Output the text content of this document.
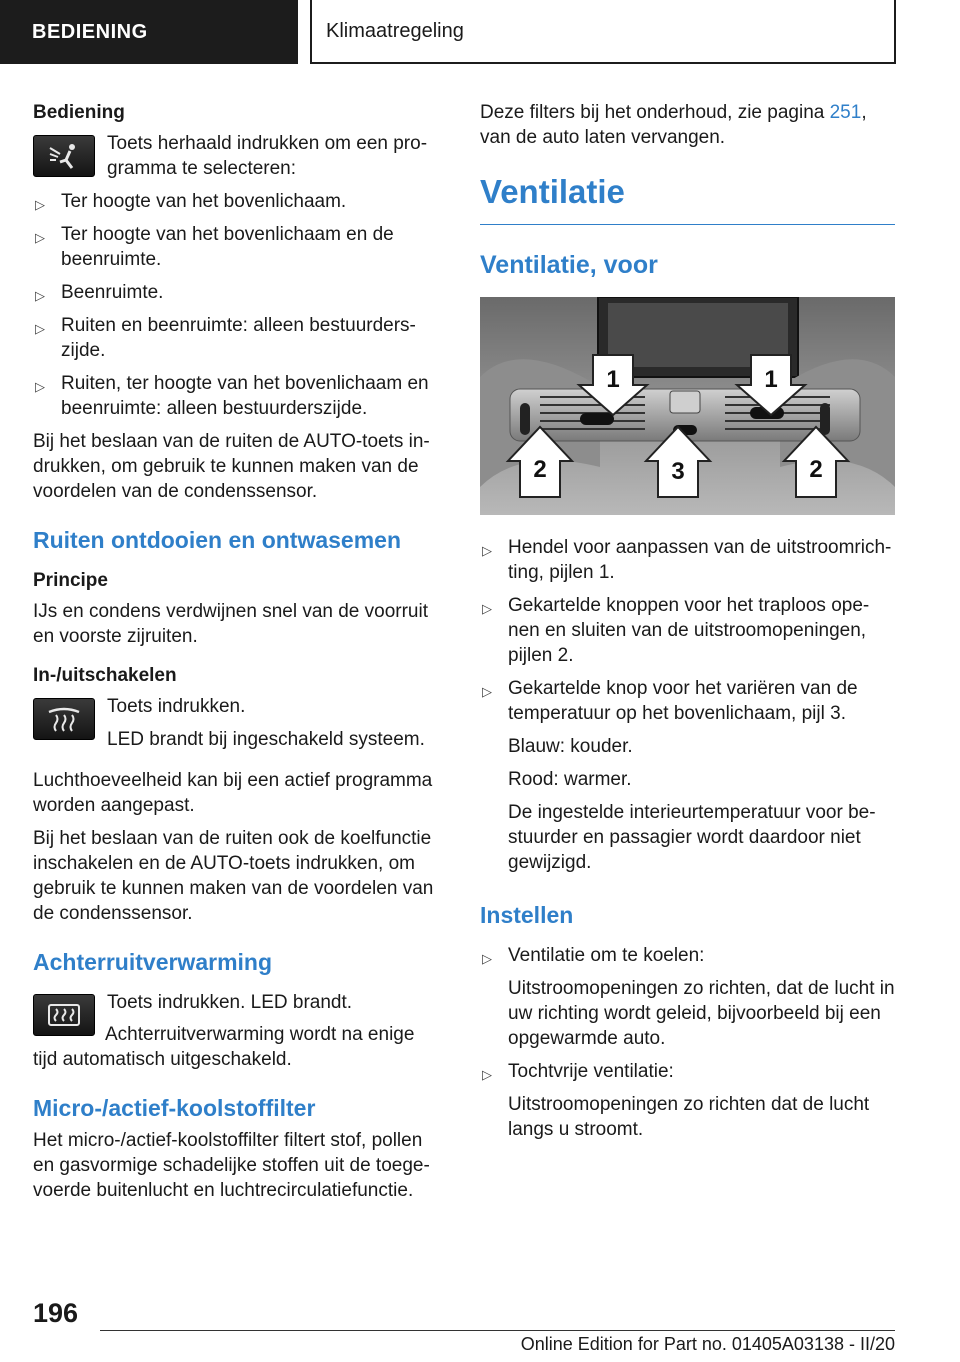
BEDIENING	Klimaatregeling
Bediening
Toets herhaald indrukken om een pro-gramma te selecteren:
▷ Ter hoogte van het bovenlichaam.
▷ Ter hoogte van het bovenlichaam en de beenruimte.
▷ Beenruimte.
▷ Ruiten en beenruimte: alleen bestuurders-zijde.
▷ Ruiten, ter hoogte van het bovenlichaam en beenruimte: alleen bestuurderszijde.

Bij het beslaan van de ruiten de AUTO-toets in-drukken, om gebruik te kunnen maken van de voordelen van de condenssensor.

Ruiten ontdooien en ontwasemen
Principe

IJs en condens verdwijnen snel van de voorruit en voorste zijruiten.

In-/uitschakelen

Toets indrukken.

LED brandt bij ingeschakeld systeem.

Luchthoeveelheid kan bij een actief programma worden aangepast.

Bij het beslaan van de ruiten ook de koelfunctie inschakelen en de AUTO-toets indrukken, om gebruik te kunnen maken van de voordelen van de condenssensor.

Achterruitverwarming
Toets indrukken. LED brandt.

Achterruitverwarming wordt na enige tijd automatisch uitgeschakeld.

Micro-/actief-koolstoffilter

Het micro-/actief-koolstoffilter filtert stof, pollen en gasvormige schadelijke stoffen uit de toege-voerde buitenlucht en luchtrecirculatiefunctie.

Deze filters bij het onderhoud, zie pagina 251, van de auto laten vervangen.

Ventilatie
Ventilatie, voor
1	1
2	3	2
▷ Hendel voor aanpassen van de uitstroomrich-ting, pijlen 1.
▷ Gekartelde knoppen voor het traploos ope-nen en sluiten van de uitstroomopeningen, pijlen 2.
▷ Gekartelde knop voor het variëren van de temperatuur op het bovenlichaam, pijl 3.

Blauw: kouder.

Rood: warmer.

De ingestelde interieurtemperatuur voor be-stuurder en passagier wordt daardoor niet gewijzigd.

Instellen
▷ Ventilatie om te koelen:

Uitstroomopeningen zo richten, dat de lucht in uw richting wordt geleid, bijvoorbeeld bij een opgewarmde auto.

▷ Tochtvrije ventilatie:

Uitstroomopeningen zo richten dat de lucht langs u stroomt.

196
Online Edition for Part no. 01405A03138 - II/20
